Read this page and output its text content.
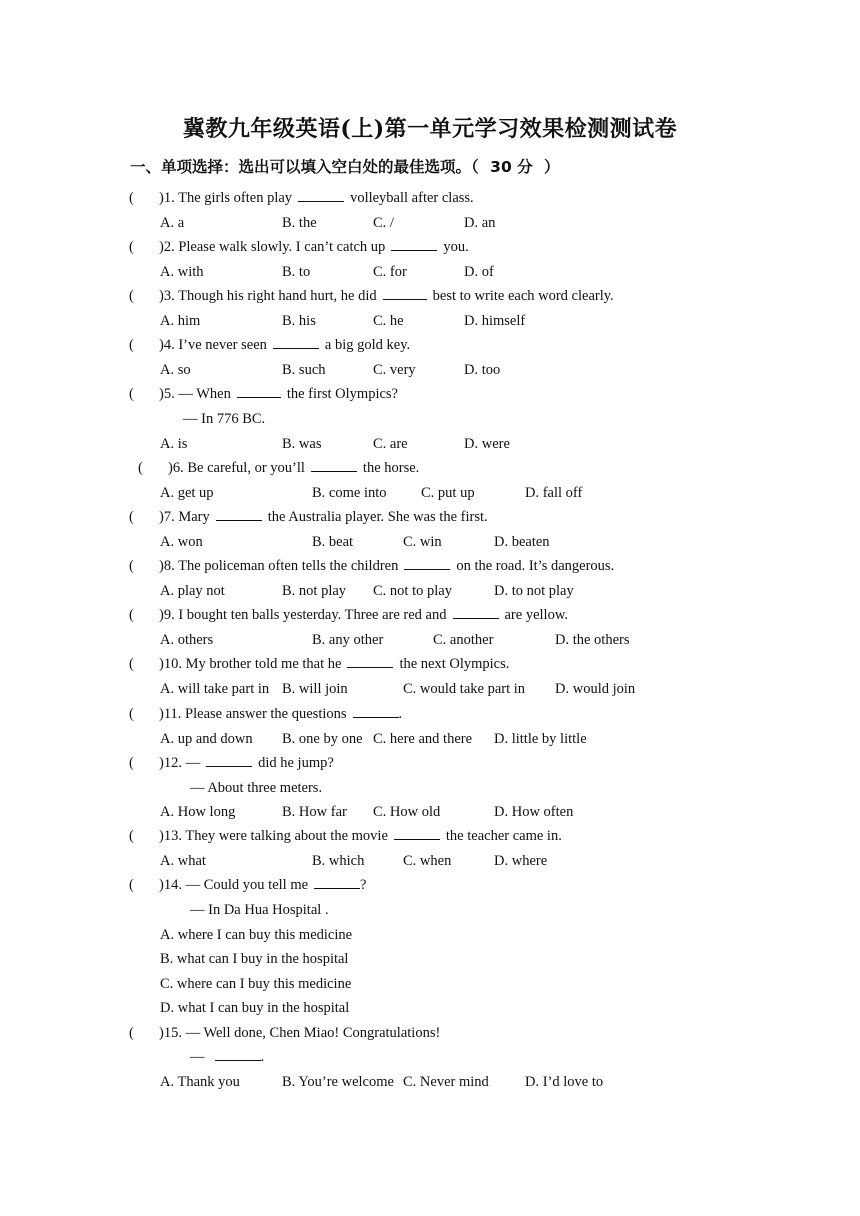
冀教九年级英语(上)第一单元学习效果检测测试卷
一、单项选择：选出可以填入空白处的最佳选项。（ 30 分 ）
( )1. The girls often play	volleyball after class.
A. a	B. the	C. /	D. an
( )2. Please walk slowly. I can’t catch up	you.
A. with	B. to	C. for	D. of
( )3. Though his right hand hurt, he did	best to write each word clearly.
A. him	B. his	C. he	D. himself
( )4. I’ve never seen	a big gold key.
A. so	B. such	C. very	D. too
( )5. — When	the first Olympics?
— In 776 BC.
A. is	B. was	C. are	D. were
( )6. Be careful, or you’ll	the horse.
A. get up	B. come into C. put up	D. fall off
( )7. Mary	the Australia player. She was the first.
A. won	B. beat	C. win	D. beaten
( )8. The policeman often tells the children	on the road. It’s dangerous.
A. play not	B. not play C. not to play	D. to not play
( )9. I bought ten balls yesterday. Three are red and	are yellow.
A. others	B. any other	C. another	D. the others
( )10. My brother told me that he	the next Olympics.
A. will take part in B. will join	C. would take part in D. would join
( )11. Please answer the questions	.
A. up and down B. one by one C. here and there D. little by little
( )12. —	did he jump?
— About three meters.
A. How long	B. How far C. How old	D. How often
( )13. They were talking about the movie	the teacher came in.
A. what	B. which	C. when	D. where
( )14. — Could you tell me	?
— In Da Hua Hospital .
A. where I can buy this medicine
B. what can I buy in the hospital
C. where can I buy this medicine
D. what I can buy in the hospital
( )15. — Well done, Chen Miao! Congratulations!
—	.
A. Thank you	B. You’re welcome C. Never mind D. I’d love to
